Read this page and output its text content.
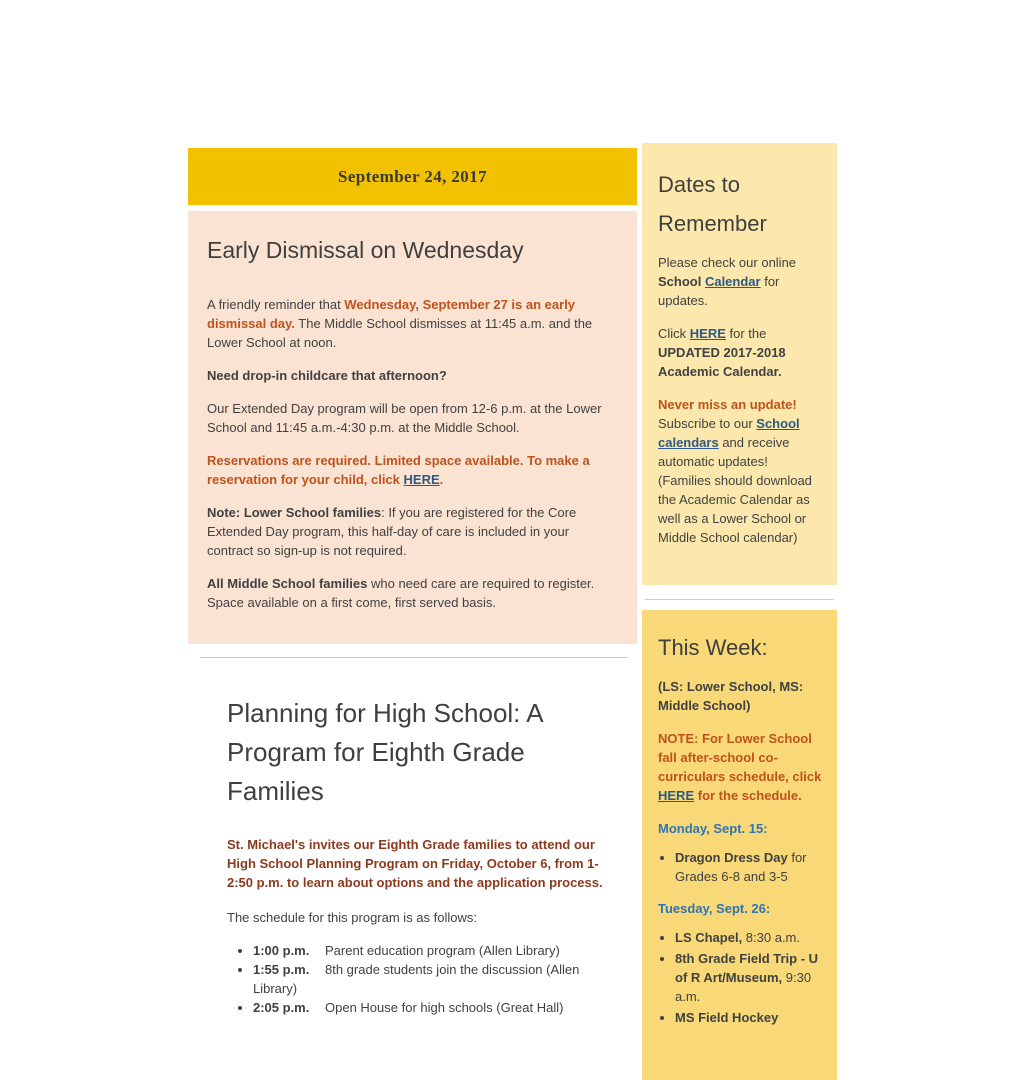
September 24, 2017
Early Dismissal on Wednesday

A friendly reminder that Wednesday, September 27 is an early dismissal day. The Middle School dismisses at 11:45 a.m. and the Lower School at noon.

Need drop-in childcare that afternoon?

Our Extended Day program will be open from 12-6 p.m. at the Lower School and 11:45 a.m.-4:30 p.m. at the Middle School.

Reservations are required. Limited space available. To make a reservation for your child, click HERE.

Note: Lower School families: If you are registered for the Core Extended Day program, this half-day of care is included in your contract so sign-up is not required.

All Middle School families who need care are required to register. Space available on a first come, first served basis.

Planning for High School: A Program for Eighth Grade Families

St. Michael's invites our Eighth Grade families to attend our High School Planning Program on Friday, October 6, from 1-2:50 p.m. to learn about options and the application process.

The schedule for this program is as follows:

• 1:00 p.m. Parent education program (Allen Library)
• 1:55 p.m. 8th grade students join the discussion (Allen Library)
• 2:05 p.m. Open House for high schools (Great Hall)
Dates to Remember

Please check our online School Calendar for updates.

Click HERE for the UPDATED 2017-2018 Academic Calendar.

Never miss an update! Subscribe to our School calendars and receive automatic updates! (Families should download the Academic Calendar as well as a Lower School or Middle School calendar)

This Week:

(LS: Lower School, MS: Middle School)

NOTE: For Lower School fall after-school co-curriculars schedule, click HERE for the schedule.

Monday, Sept. 15:

• Dragon Dress Day for Grades 6-8 and 3-5

Tuesday, Sept. 26:

• LS Chapel, 8:30 a.m.
• 8th Grade Field Trip - U of R Art/Museum, 9:30 a.m.
• MS Field Hockey
